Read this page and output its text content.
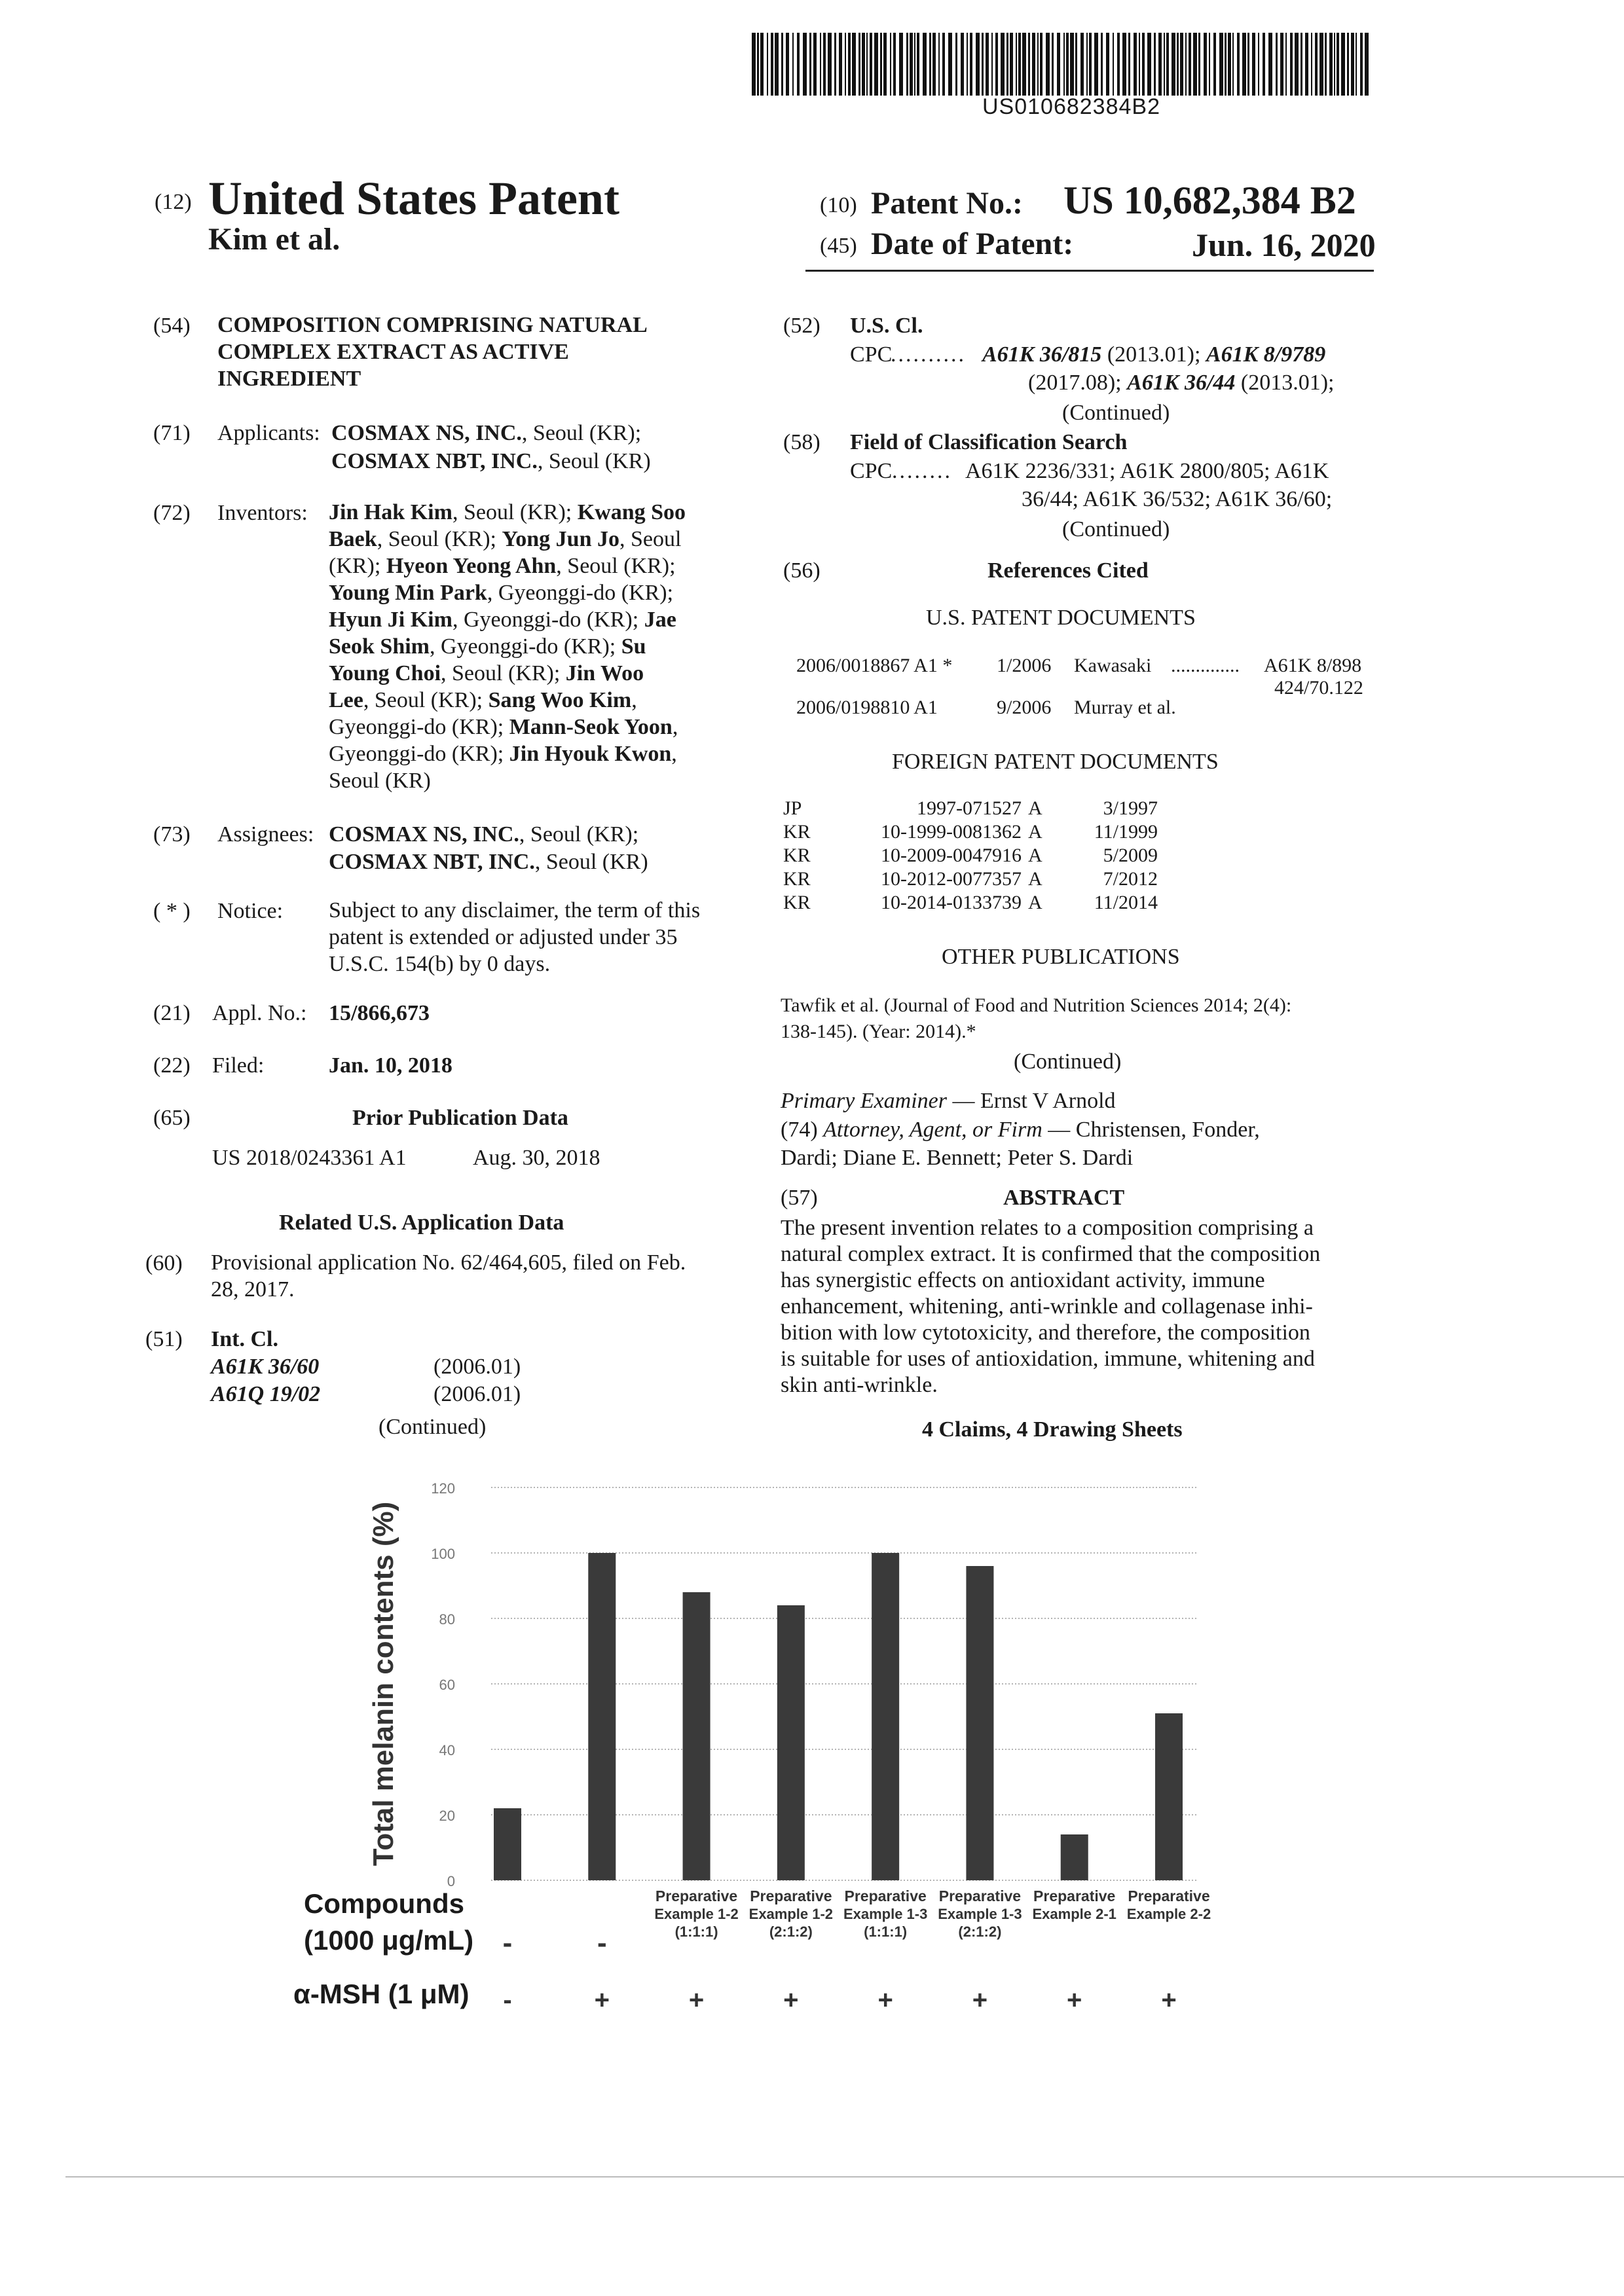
US010682384B2
(12) United States Patent
Kim et al.
(10) Patent No.: US 10,682,384 B2
(45) Date of Patent:	Jun. 16, 2020
(54) COMPOSITION COMPRISING NATURAL
COMPLEX EXTRACT AS ACTIVE
INGREDIENT
(71) Applicants: COSMAX NS, INC., Seoul (KR);
COSMAX NBT, INC., Seoul (KR)
(72) Inventors: Jin Hak Kim, Seoul (KR); Kwang Soo
Baek, Seoul (KR); Yong Jun Jo, Seoul
(KR); Hyeon Yeong Ahn, Seoul (KR);
Young Min Park, Gyeonggi-do (KR);
Hyun Ji Kim, Gyeonggi-do (KR); Jae
Seok Shim, Gyeonggi-do (KR); Su
Young Choi, Seoul (KR); Jin Woo
Lee, Seoul (KR); Sang Woo Kim,
Gyeonggi-do (KR); Mann-Seok Yoon,
Gyeonggi-do (KR); Jin Hyouk Kwon,
Seoul (KR)
(73) Assignees: COSMAX NS, INC., Seoul (KR);
COSMAX NBT, INC., Seoul (KR)
( * ) Notice: Subject to any disclaimer, the term of this
patent is extended or adjusted under 35
U.S.C. 154(b) by 0 days.
(21) Appl. No.: 15/866,673
(22) Filed:	Jan. 10, 2018
(65)	Prior Publication Data
US 2018/0243361 A1	Aug. 30, 2018
Related U.S. Application Data
(60) Provisional application No. 62/464,605, filed on Feb.
28, 2017.
(51) Int. Cl.
A61K 36/60	(2006.01)
A61Q 19/02	(2006.01)
(Continued)
(52) U.S. Cl.
CPC
.......... A61K 36/815 (2013.01); A61K 8/9789
(2017.08); A61K 36/44 (2013.01);
(Continued)
(58) Field of Classification Search
CPC ........ A61K 2236/331; A61K 2800/805; A61K
36/44; A61K 36/532; A61K 36/60;
(Continued)
(56)	References Cited
U.S. PATENT DOCUMENTS
2006/0018867 A1 * 1/2006 Kawasaki .............. A61K 8/898
424/70.122
2006/0198810 A1	9/2006 Murray et al.
FOREIGN PATENT DOCUMENTS
JP	1997-071527 A	3/1997
KR	10-1999-0081362 A	11/1999
KR	10-2009-0047916 A	5/2009
KR	10-2012-0077357 A	7/2012
KR	10-2014-0133739 A	11/2014
OTHER PUBLICATIONS
Tawfik et al. (Journal of Food and Nutrition Sciences 2014; 2(4):
138-145). (Year: 2014).*
(Continued)
Primary Examiner — Ernst V Arnold
(74) Attorney, Agent, or Firm — Christensen, Fonder,
Dardi; Diane E. Bennett; Peter S. Dardi
(57)	ABSTRACT
The present invention relates to a composition comprising a
natural complex extract. It is confirmed that the composition
has synergistic effects on antioxidant activity, immune
enhancement, whitening, anti-wrinkle and collagenase inhi-
bition with low cytotoxicity, and therefore, the composition
is suitable for uses of antioxidation, immune, whitening and
skin anti-wrinkle.
4 Claims, 4 Drawing Sheets
0
20
40
60
80
100
120
Total melanin contents (%)
-
-
-
+
Preparative
Example 1-2
(1:1:1)
+
Preparative
Example 1-2
(2:1:2)
+
Preparative
Example 1-3
(1:1:1)
+
Preparative
Example 1-3
(2:1:2)
+
Preparative
Example 2-1
+
Preparative
Example 2-2
+
Compounds
(1000 μg/mL)
α-MSH (1 μM)
